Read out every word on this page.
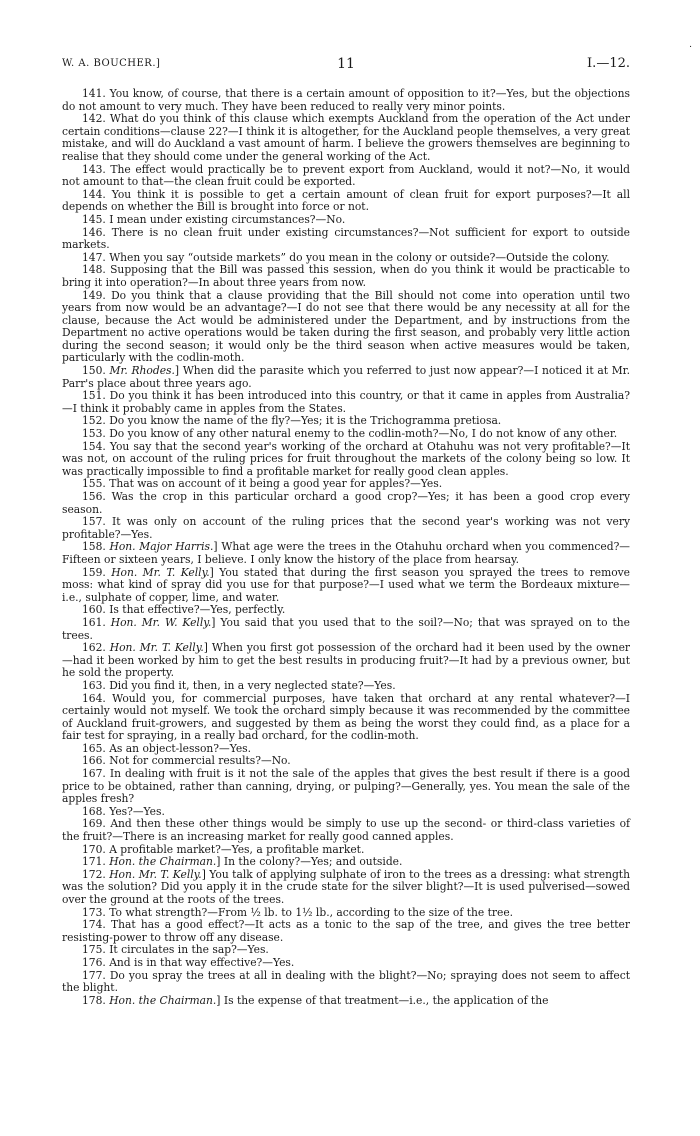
.
W. A. BOUCHER.]	11	I.—12.

141. You know, of course, that there is a certain amount of opposition to it?—Yes, but the objections do not amount to very much. They have been reduced to really very minor points.

142. What do you think of this clause which exempts Auckland from the operation of the Act under certain conditions—clause 22?—I think it is altogether, for the Auckland people themselves, a very great mistake, and will do Auckland a vast amount of harm. I believe the growers themselves are beginning to realise that they should come under the general working of the Act.

143. The effect would practically be to prevent export from Auckland, would it not?—No, it would not amount to that—the clean fruit could be exported.

144. You think it is possible to get a certain amount of clean fruit for export purposes?—It all depends on whether the Bill is brought into force or not.

145. I mean under existing circumstances?—No.

146. There is no clean fruit under existing circumstances?—Not sufficient for export to outside markets.

147. When you say “outside markets” do you mean in the colony or outside?—Outside the colony.

148. Supposing that the Bill was passed this session, when do you think it would be practicable to bring it into operation?—In about three years from now.

149. Do you think that a clause providing that the Bill should not come into operation until two years from now would be an advantage?—I do not see that there would be any necessity at all for the clause, because the Act would be administered under the Department, and by instructions from the Department no active operations would be taken during the first season, and probably very little action during the second season; it would only be the third season when active measures would be taken, particularly with the codlin-moth.

150. Mr. Rhodes.] When did the parasite which you referred to just now appear?—I noticed it at Mr. Parr's place about three years ago.

151. Do you think it has been introduced into this country, or that it came in apples from Australia?—I think it probably came in apples from the States.

152. Do you know the name of the fly?—Yes; it is the Trichogramma pretiosa.

153. Do you know of any other natural enemy to the codlin-moth?—No, I do not know of any other.

154. You say that the second year's working of the orchard at Otahuhu was not very profitable?—It was not, on account of the ruling prices for fruit throughout the markets of the colony being so low. It was practically impossible to find a profitable market for really good clean apples.

155. That was on account of it being a good year for apples?—Yes.

156. Was the crop in this particular orchard a good crop?—Yes; it has been a good crop every season.

157. It was only on account of the ruling prices that the second year's working was not very profitable?—Yes.

158. Hon. Major Harris.] What age were the trees in the Otahuhu orchard when you commenced?—Fifteen or sixteen years, I believe. I only know the history of the place from hearsay.

159. Hon. Mr. T. Kelly.] You stated that during the first season you sprayed the trees to remove moss: what kind of spray did you use for that purpose?—I used what we term the Bordeaux mixture—i.e., sulphate of copper, lime, and water.

160. Is that effective?—Yes, perfectly.

161. Hon. Mr. W. Kelly.] You said that you used that to the soil?—No; that was sprayed on to the trees.

162. Hon. Mr. T. Kelly.] When you first got possession of the orchard had it been used by the owner—had it been worked by him to get the best results in producing fruit?—It had by a previous owner, but he sold the property.

163. Did you find it, then, in a very neglected state?—Yes.

164. Would you, for commercial purposes, have taken that orchard at any rental whatever?—I certainly would not myself. We took the orchard simply because it was recommended by the committee of Auckland fruit-growers, and suggested by them as being the worst they could find, as a place for a fair test for spraying, in a really bad orchard, for the codlin-moth.

165. As an object-lesson?—Yes.

166. Not for commercial results?—No.

167. In dealing with fruit is it not the sale of the apples that gives the best result if there is a good price to be obtained, rather than canning, drying, or pulping?—Generally, yes. You mean the sale of the apples fresh?

168. Yes?—Yes.

169. And then these other things would be simply to use up the second- or third-class varieties of the fruit?—There is an increasing market for really good canned apples.

170. A profitable market?—Yes, a profitable market.

171. Hon. the Chairman.] In the colony?—Yes; and outside.

172. Hon. Mr. T. Kelly.] You talk of applying sulphate of iron to the trees as a dressing: what strength was the solution? Did you apply it in the crude state for the silver blight?—It is used pulverised—sowed over the ground at the roots of the trees.

173. To what strength?—From ½ lb. to 1½ lb., according to the size of the tree.

174. That has a good effect?—It acts as a tonic to the sap of the tree, and gives the tree better resisting-power to throw off any disease.

175. It circulates in the sap?—Yes.

176. And is in that way effective?—Yes.

177. Do you spray the trees at all in dealing with the blight?—No; spraying does not seem to affect the blight.

178. Hon. the Chairman.] Is the expense of that treatment—i.e., the application of the
